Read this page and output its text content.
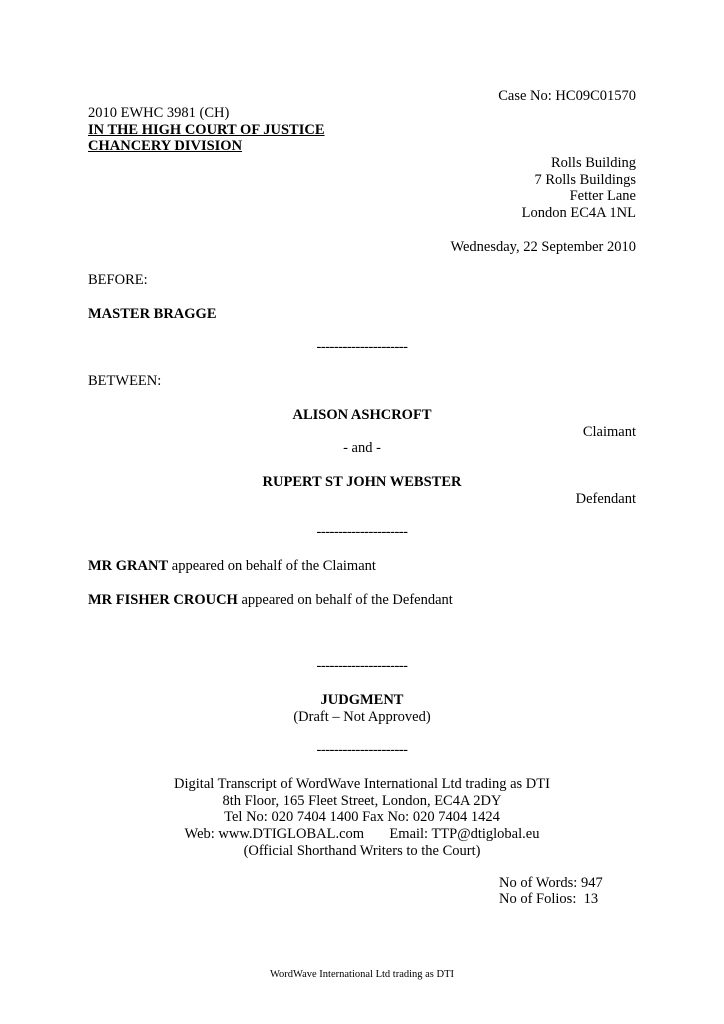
Case No: HC09C01570
2010 EWHC 3981 (CH)
IN THE HIGH COURT OF JUSTICE
CHANCERY DIVISION
Rolls Building
7 Rolls Buildings
Fetter Lane
London EC4A 1NL
Wednesday, 22 September 2010
BEFORE:
MASTER BRAGGE
---------------------
BETWEEN:
ALISON ASHCROFT
Claimant
- and -
RUPERT ST JOHN WEBSTER
Defendant
---------------------
MR GRANT appeared on behalf of the Claimant
MR FISHER CROUCH appeared on behalf of the Defendant
---------------------
JUDGMENT
(Draft – Not Approved)
---------------------
Digital Transcript of WordWave International Ltd trading as DTI
8th Floor, 165 Fleet Street, London, EC4A 2DY
Tel No: 020 7404 1400 Fax No: 020 7404 1424
Web: www.DTIGLOBAL.com       Email: TTP@dtiglobal.eu
(Official Shorthand Writers to the Court)
No of Words: 947
No of Folios:  13
WordWave International Ltd trading as DTI
